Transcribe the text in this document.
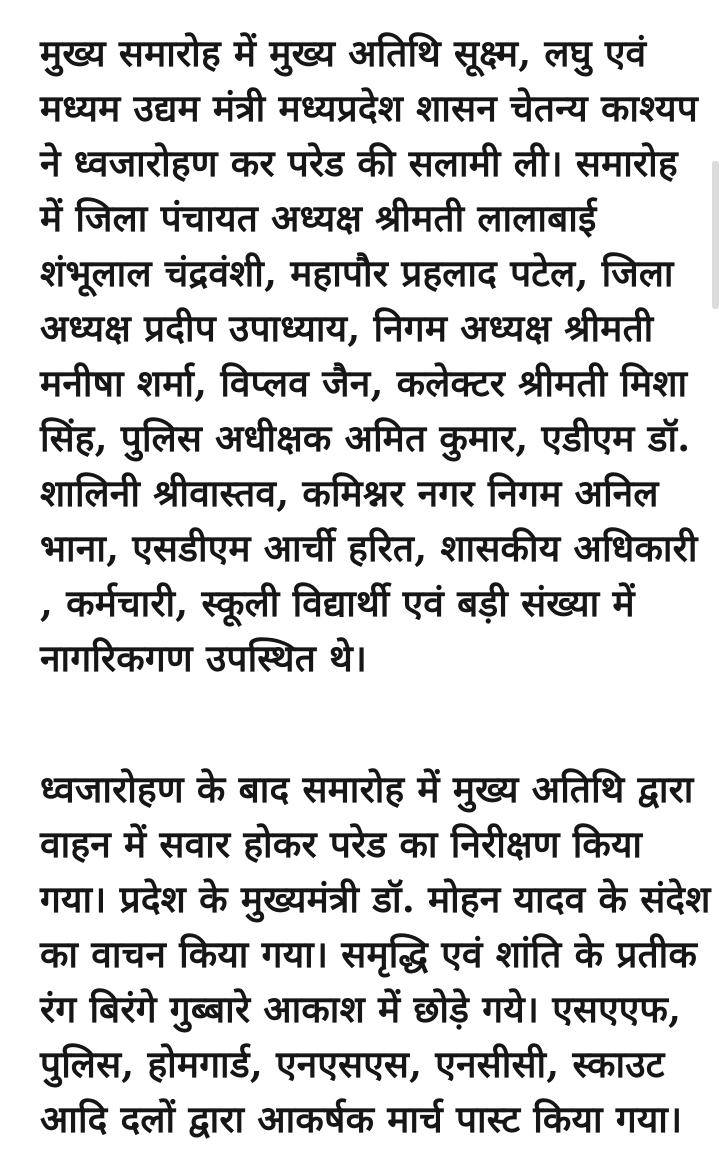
मुख्य समारोह में मुख्य अतिथि सूक्ष्म, लघु एवं
मध्यम उद्यम मंत्री मध्यप्रदेश शासन चेतन्य काश्यप
ने ध्वजारोहण कर परेड की सलामी ली। समारोह
में जिला पंचायत अध्यक्ष श्रीमती लालाबाई
शंभूलाल चंद्रवंशी, महापौर प्रहलाद पटेल, जिला
अध्यक्ष प्रदीप उपाध्याय, निगम अध्यक्ष श्रीमती
मनीषा शर्मा, विप्लव जैन, कलेक्टर श्रीमती मिशा
सिंह, पुलिस अधीक्षक अमित कुमार, एडीएम डॉ.
शालिनी श्रीवास्तव, कमिश्नर नगर निगम अनिल
भाना, एसडीएम आर्ची हरित, शासकीय अधिकारी
, कर्मचारी, स्कूली विद्यार्थी एवं बड़ी संख्या में
नागरिकगण उपस्थित थे।
ध्वजारोहण के बाद समारोह में मुख्य अतिथि द्वारा
वाहन में सवार होकर परेड का निरीक्षण किया
गया। प्रदेश के मुख्यमंत्री डॉ. मोहन यादव के संदेश
का वाचन किया गया। समृद्धि एवं शांति के प्रतीक
रंग बिरंगे गुब्बारे आकाश में छोड़े गये। एसएएफ,
पुलिस, होमगार्ड, एनएसएस, एनसीसी, स्काउट
आदि दलों द्वारा आकर्षक मार्च पास्ट किया गया।
